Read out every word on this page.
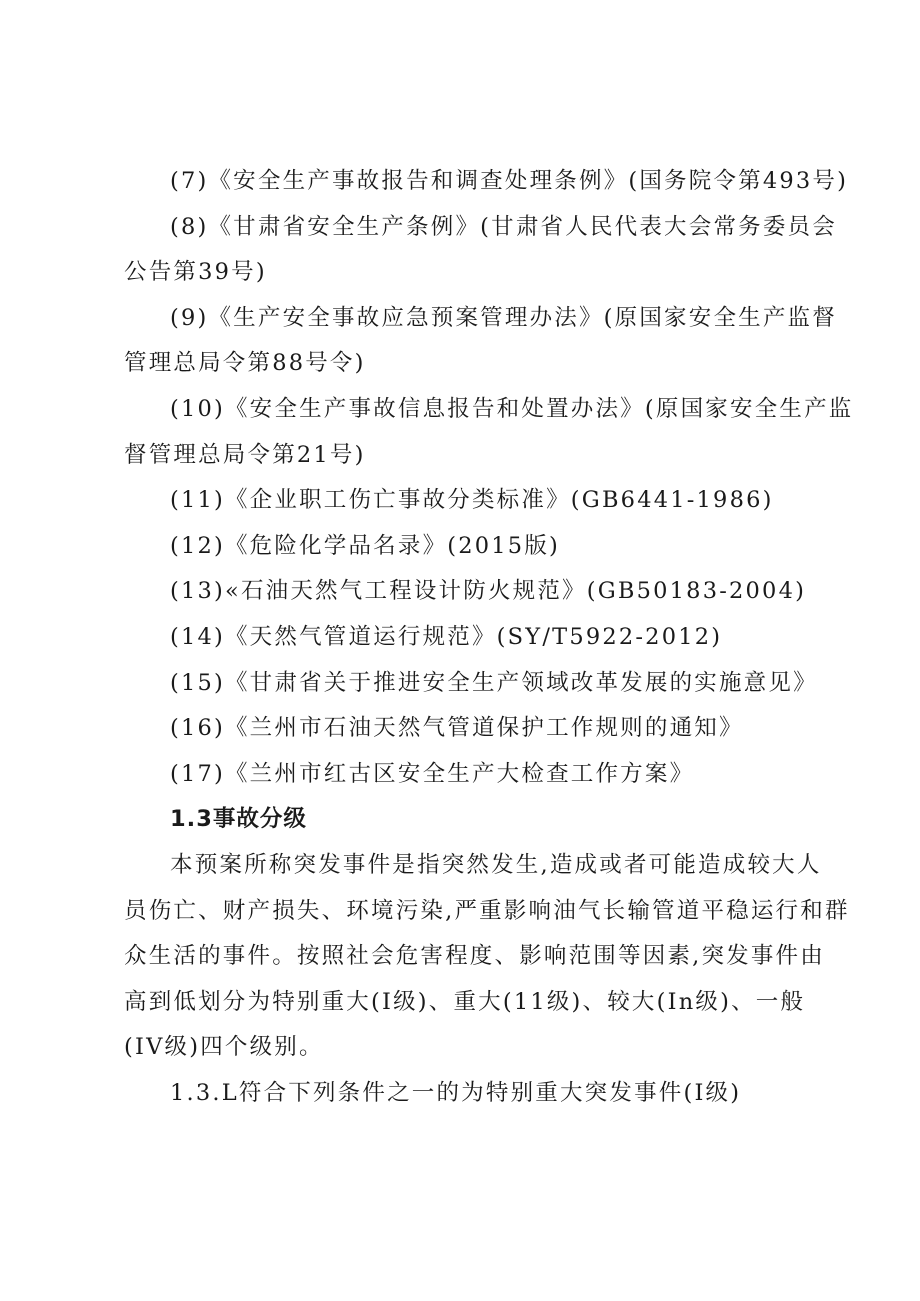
(7)《安全生产事故报告和调查处理条例》(国务院令第493号)
(8)《甘肃省安全生产条例》(甘肃省人民代表大会常务委员会
公告第39号)
(9)《生产安全事故应急预案管理办法》(原国家安全生产监督
管理总局令第88号令)
(10)《安全生产事故信息报告和处置办法》(原国家安全生产监
督管理总局令第21号)
(11)《企业职工伤亡事故分类标准》(GB6441-1986)
(12)《危险化学品名录》(2015版)
(13)«石油天然气工程设计防火规范》(GB50183-2004)
(14)《天然气管道运行规范》(SY/T5922-2012)
(15)《甘肃省关于推进安全生产领域改革发展的实施意见》
(16)《兰州市石油天然气管道保护工作规则的通知》
(17)《兰州市红古区安全生产大检查工作方案》
1.3事故分级
本预案所称突发事件是指突然发生,造成或者可能造成较大人
员伤亡、财产损失、环境污染,严重影响油气长输管道平稳运行和群
众生活的事件。按照社会危害程度、影响范围等因素,突发事件由
高到低划分为特别重大(I级)、重大(11级)、较大(In级)、一般
(IV级)四个级别。
1.3.L符合下列条件之一的为特别重大突发事件(I级)
